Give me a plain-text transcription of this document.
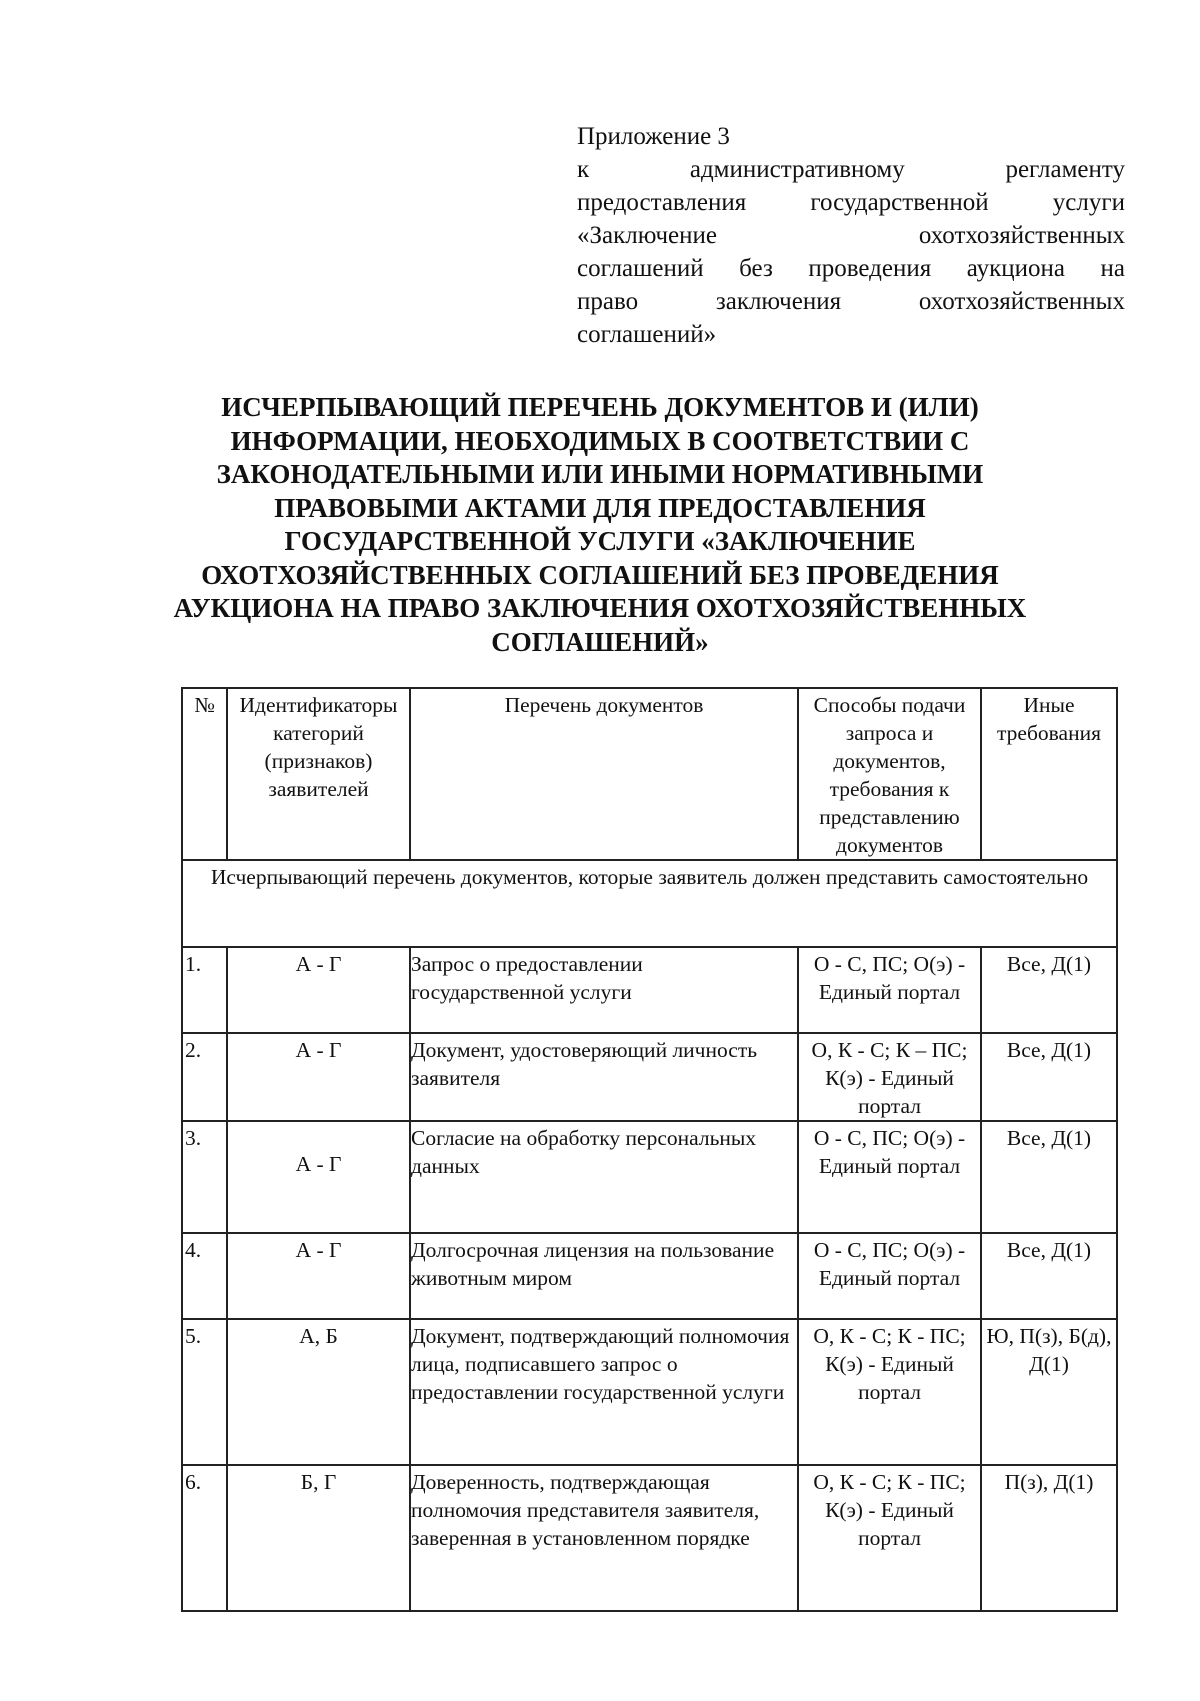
Приложение 3
к	административному	регламенту
предоставления	государственной	услуги
«Заключение	охотхозяйственных
соглашений без проведения аукциона на
право	заключения	охотхозяйственных
соглашений»
ИСЧЕРПЫВАЮЩИЙ ПЕРЕЧЕНЬ ДОКУМЕНТОВ И (ИЛИ)
ИНФОРМАЦИИ, НЕОБХОДИМЫХ В СООТВЕТСТВИИ С
ЗАКОНОДАТЕЛЬНЫМИ ИЛИ ИНЫМИ НОРМАТИВНЫМИ
ПРАВОВЫМИ АКТАМИ ДЛЯ ПРЕДОСТАВЛЕНИЯ
ГОСУДАРСТВЕННОЙ УСЛУГИ «ЗАКЛЮЧЕНИЕ
ОХОТХОЗЯЙСТВЕННЫХ СОГЛАШЕНИЙ БЕЗ ПРОВЕДЕНИЯ
АУКЦИОНА НА ПРАВО ЗАКЛЮЧЕНИЯ ОХОТХОЗЯЙСТВЕННЫХ
СОГЛАШЕНИЙ»
№	Идентификаторы категорий (признаков) заявителей	Перечень документов	Способы подачи запроса и документов, требования к представлению документов	Иные требования
Исчерпывающий перечень документов, которые заявитель должен представить самостоятельно				
1.	А - Г	Запрос о предоставлении государственной услуги	О - С, ПС; О(э) - Единый портал	Все, Д(1)
2.	А - Г	Документ, удостоверяющий личность заявителя	О, К - С; К – ПС; К(э) - Единый портал	Все, Д(1)
3.	А - Г	Согласие на обработку персональных данных	О - С, ПС; О(э) - Единый портал	Все, Д(1)
4.	А - Г	Долгосрочная лицензия на пользование животным миром	О - С, ПС; О(э) - Единый портал	Все, Д(1)
5.	А, Б	Документ, подтверждающий полномочия лица, подписавшего запрос о предоставлении государственной услуги	О, К - С; К - ПС; К(э) - Единый портал	Ю, П(з), Б(д), Д(1)
6.	Б, Г	Доверенность, подтверждающая полномочия представителя заявителя, заверенная в установленном порядке	О, К - С; К - ПС; К(э) - Единый портал	П(з), Д(1)
